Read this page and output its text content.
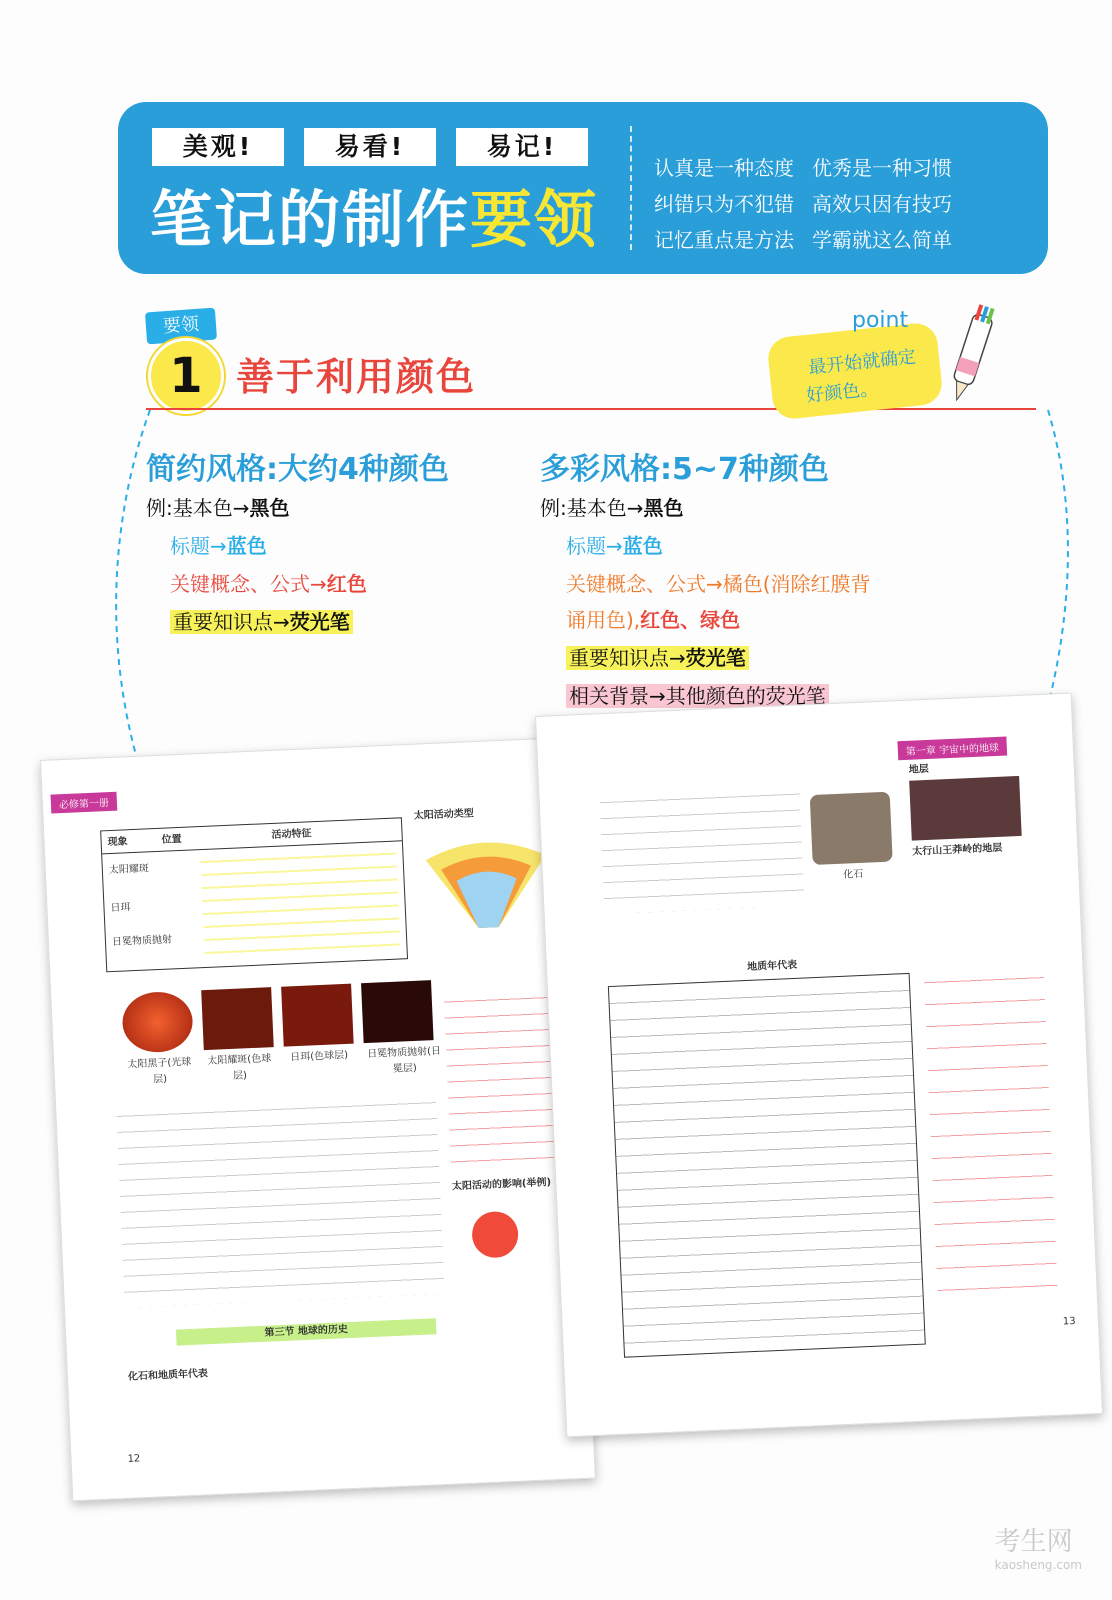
美观!	易看!	易记!
笔记的制作要领
认真是一种态度 优秀是一种习惯
纠错只为不犯错 高效只因有技巧
记忆重点是方法 学霸就这么简单
要领
1 善于利用颜色
point
最开始就确定
好颜色。
简约风格:大约4种颜色
例:基本色→黑色
标题→蓝色
关键概念、公式→红色
重要知识点→荧光笔
多彩风格:5~7种颜色
例:基本色→黑色
标题→蓝色
关键概念、公式→橘色(消除红膜背
诵用色),红色、绿色
重要知识点→荧光笔
相关背景→其他颜色的荧光笔
必修第一册
现象	位置	活动特征
太阳耀斑
日珥
日冕物质抛射
太阳活动类型
太阳黑子(光球层)
太阳耀斑(色球层)
日珥(色球层)	日冕物质抛射(日冕层)
太阳活动的影响(举例)
第三节 地球的历史
化石和地质年代表
12
第一章 宇宙中的地球
化石
地层
太行山王莽岭的地层
地质年代表
13
考生网
kaosheng.com
